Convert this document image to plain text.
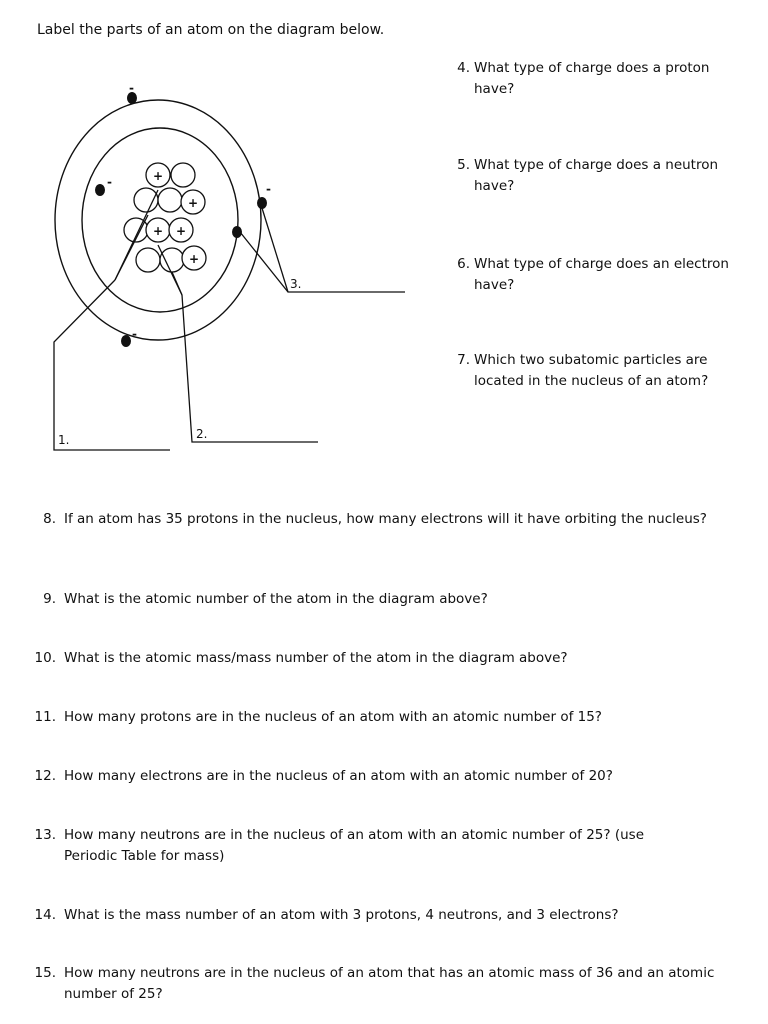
Label the parts of an atom on the diagram below.
+
+
+ +
+
-
-	-
-
1.	2.
3.
4. What type of charge does a proton have?
5. What type of charge does a neutron have?
6. What type of charge does an electron have?
7. Which two subatomic particles are located in the nucleus of an atom?
8. If an atom has 35 protons in the nucleus, how many electrons will it have orbiting the nucleus?
9. What is the atomic number of the atom in the diagram above?
10. What is the atomic mass/mass number of the atom in the diagram above?
11. How many protons are in the nucleus of an atom with an atomic number of 15?
12. How many electrons are in the nucleus of an atom with an atomic number of 20?
13. How many neutrons are in the nucleus of an atom with an atomic number of 25? (use Periodic Table for mass)
14. What is the mass number of an atom with 3 protons, 4 neutrons, and 3 electrons?
15. How many neutrons are in the nucleus of an atom that has an atomic mass of 36 and an atomic number of 25?
